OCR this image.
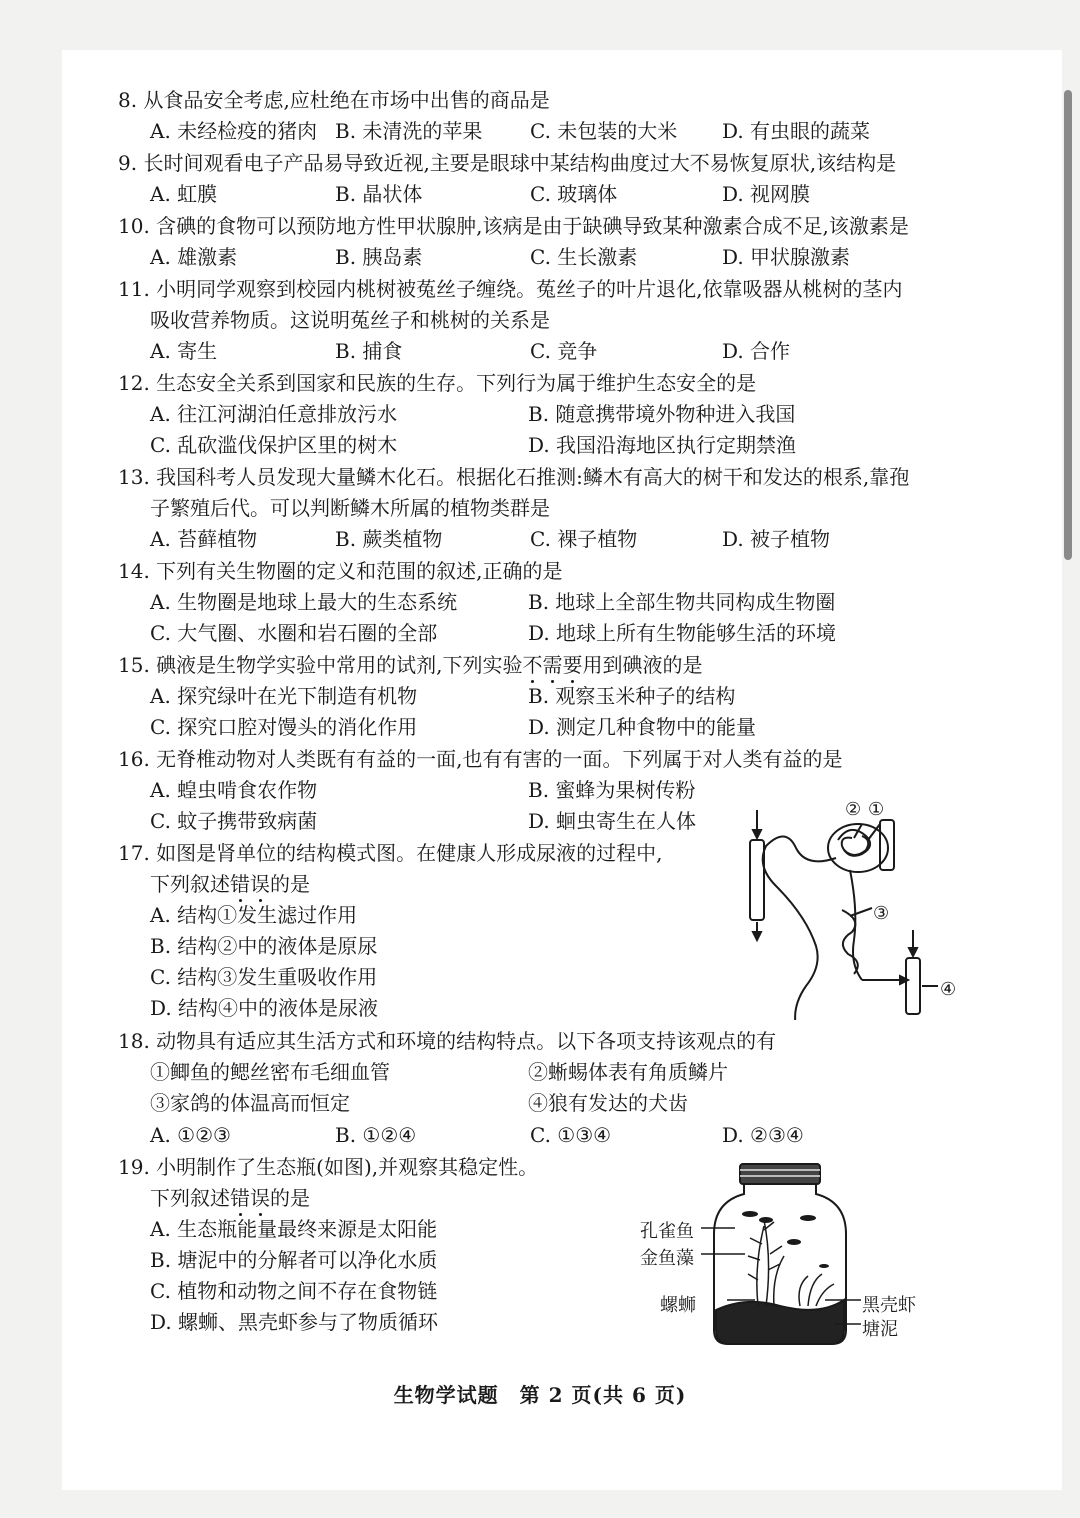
8. 从食品安全考虑,应杜绝在市场中出售的商品是
A. 未经检疫的猪肉 B. 未清洗的苹果 C. 未包装的大米 D. 有虫眼的蔬菜
9. 长时间观看电子产品易导致近视,主要是眼球中某结构曲度过大不易恢复原状,该结构是
A. 虹膜	B. 晶状体	C. 玻璃体	D. 视网膜
10. 含碘的食物可以预防地方性甲状腺肿,该病是由于缺碘导致某种激素合成不足,该激素是
A. 雄激素	B. 胰岛素	C. 生长激素	D. 甲状腺激素
11. 小明同学观察到校园内桃树被菟丝子缠绕。菟丝子的叶片退化,依靠吸器从桃树的茎内
吸收营养物质。这说明菟丝子和桃树的关系是
A. 寄生	B. 捕食	C. 竞争	D. 合作
12. 生态安全关系到国家和民族的生存。下列行为属于维护生态安全的是
A. 往江河湖泊任意排放污水	B. 随意携带境外物种进入我国
C. 乱砍滥伐保护区里的树木	D. 我国沿海地区执行定期禁渔
13. 我国科考人员发现大量鳞木化石。根据化石推测:鳞木有高大的树干和发达的根系,靠孢
子繁殖后代。可以判断鳞木所属的植物类群是
A. 苔藓植物	B. 蕨类植物	C. 裸子植物	D. 被子植物
14. 下列有关生物圈的定义和范围的叙述,正确的是
A. 生物圈是地球上最大的生态系统	B. 地球上全部生物共同构成生物圈
C. 大气圈、水圈和岩石圈的全部	D. 地球上所有生物能够生活的环境
15. 碘液是生物学实验中常用的试剂,下列实验不需要用到碘液的是
A. 探究绿叶在光下制造有机物	B. 观察玉米种子的结构
C. 探究口腔对馒头的消化作用	D. 测定几种食物中的能量
16. 无脊椎动物对人类既有有益的一面,也有有害的一面。下列属于对人类有益的是
A. 蝗虫啃食农作物	B. 蜜蜂为果树传粉
C. 蚊子携带致病菌	D. 蛔虫寄生在人体
17. 如图是肾单位的结构模式图。在健康人形成尿液的过程中,
下列叙述错误的是
A. 结构①发生滤过作用
B. 结构②中的液体是原尿
C. 结构③发生重吸收作用
D. 结构④中的液体是尿液
② ①
③
④
18. 动物具有适应其生活方式和环境的结构特点。以下各项支持该观点的有
①鲫鱼的鳃丝密布毛细血管	②蜥蜴体表有角质鳞片
③家鸽的体温高而恒定	④狼有发达的犬齿
A. ①②③	B. ①②④	C. ①③④	D. ②③④
19. 小明制作了生态瓶(如图),并观察其稳定性。
下列叙述错误的是
A. 生态瓶能量最终来源是太阳能
B. 塘泥中的分解者可以净化水质
C. 植物和动物之间不存在食物链
D. 螺蛳、黑壳虾参与了物质循环
孔雀鱼
金鱼藻
螺蛳	黑壳虾
塘泥
生物学试题　第 2 页(共 6 页)
